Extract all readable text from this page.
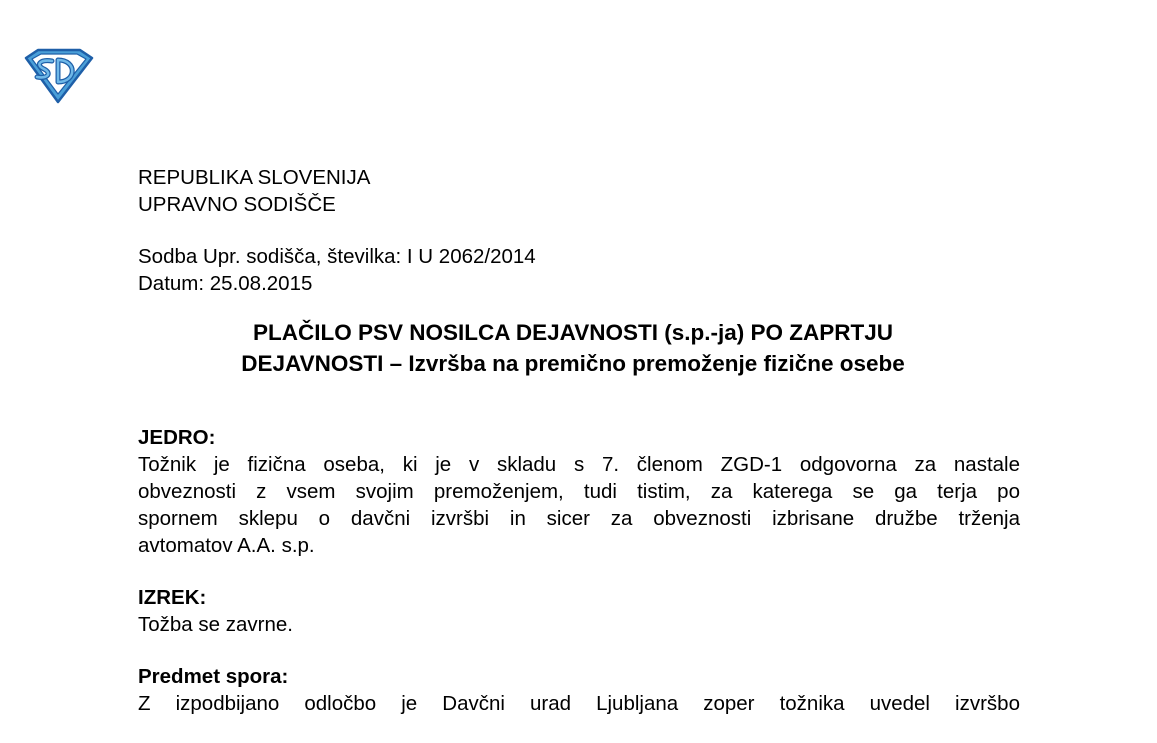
REPUBLIKA SLOVENIJA
UPRAVNO SODIŠČE
Sodba Upr. sodišča, številka: I U 2062/2014
Datum: 25.08.2015
PLAČILO PSV NOSILCA DEJAVNOSTI (s.p.-ja) PO ZAPRTJU
DEJAVNOSTI – Izvršba na premično premoženje fizične osebe
JEDRO:
Tožnik je fizična oseba, ki je v skladu s 7. členom ZGD-1 odgovorna za nastale
obveznosti z vsem svojim premoženjem, tudi tistim, za katerega se ga terja po
spornem sklepu o davčni izvršbi in sicer za obveznosti izbrisane družbe trženja
avtomatov A.A. s.p.
IZREK:
Tožba se zavrne.
Predmet spora:
Z izpodbijano odločbo je Davčni urad Ljubljana zoper tožnika uvedel izvršbo
